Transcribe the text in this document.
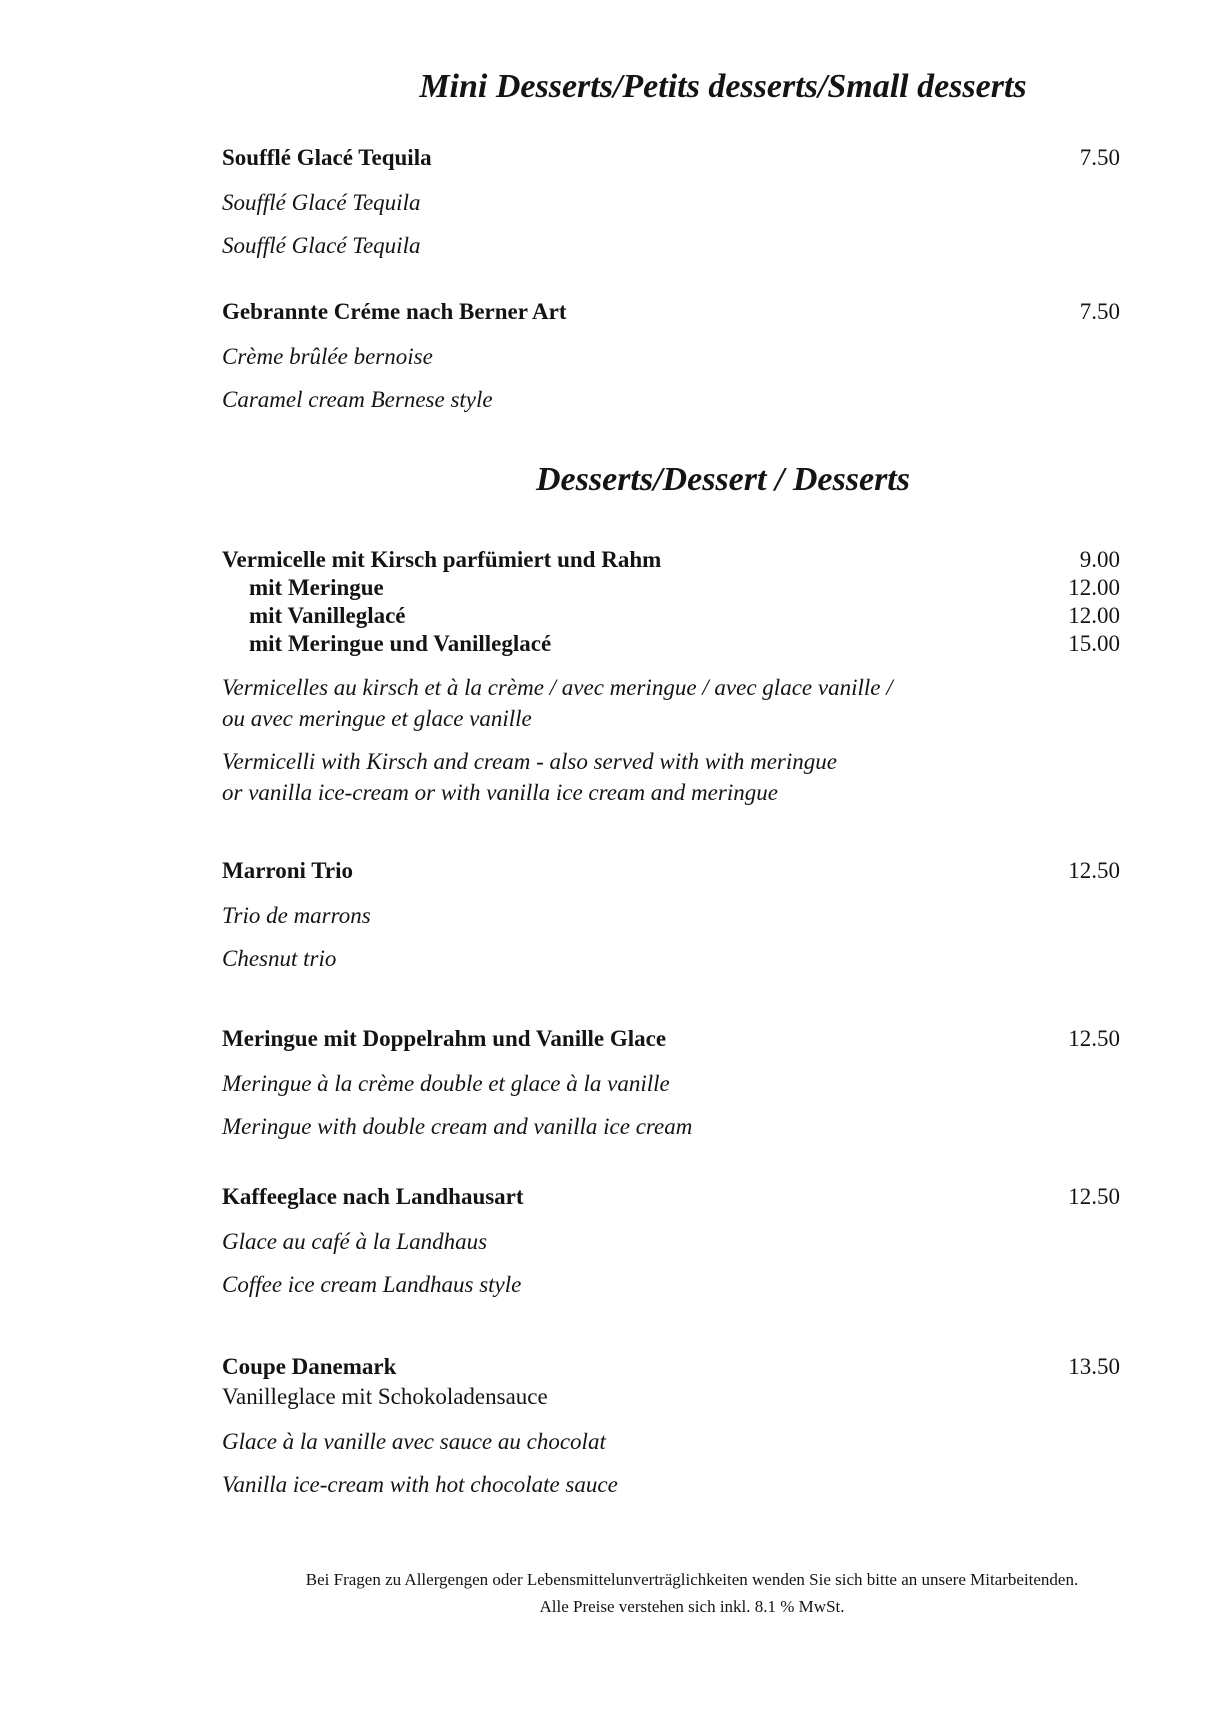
Mini Desserts/Petits desserts/Small desserts
Soufflé Glacé Tequila	7.50
Soufflé Glacé Tequila
Soufflé Glacé Tequila
Gebrannte Créme nach Berner Art	7.50
Crème brûlée bernoise
Caramel cream Bernese style
Desserts/Dessert / Desserts
Vermicelle mit Kirsch parfümiert und Rahm	9.00
mit Meringue	12.00
mit Vanilleglacé	12.00
mit Meringue und Vanilleglacé	15.00
Vermicelles au kirsch et à la crème / avec meringue / avec glace vanille /
ou avec meringue et glace vanille
Vermicelli with Kirsch and cream - also served with with meringue
or vanilla ice-cream or with vanilla ice cream and meringue
Marroni Trio	12.50
Trio de marrons
Chesnut trio
Meringue mit Doppelrahm und Vanille Glace	12.50
Meringue à la crème double et glace à la vanille
Meringue with double cream and vanilla ice cream
Kaffeeglace nach Landhausart	12.50
Glace au café à la Landhaus
Coffee ice cream Landhaus style
Coupe Danemark	13.50
Vanilleglace mit Schokoladensauce
Glace à la vanille avec sauce au chocolat
Vanilla ice-cream with hot chocolate sauce
Bei Fragen zu Allergengen oder Lebensmittelunverträglichkeiten wenden Sie sich bitte an unsere Mitarbeitenden.
Alle Preise verstehen sich inkl. 8.1 % MwSt.
